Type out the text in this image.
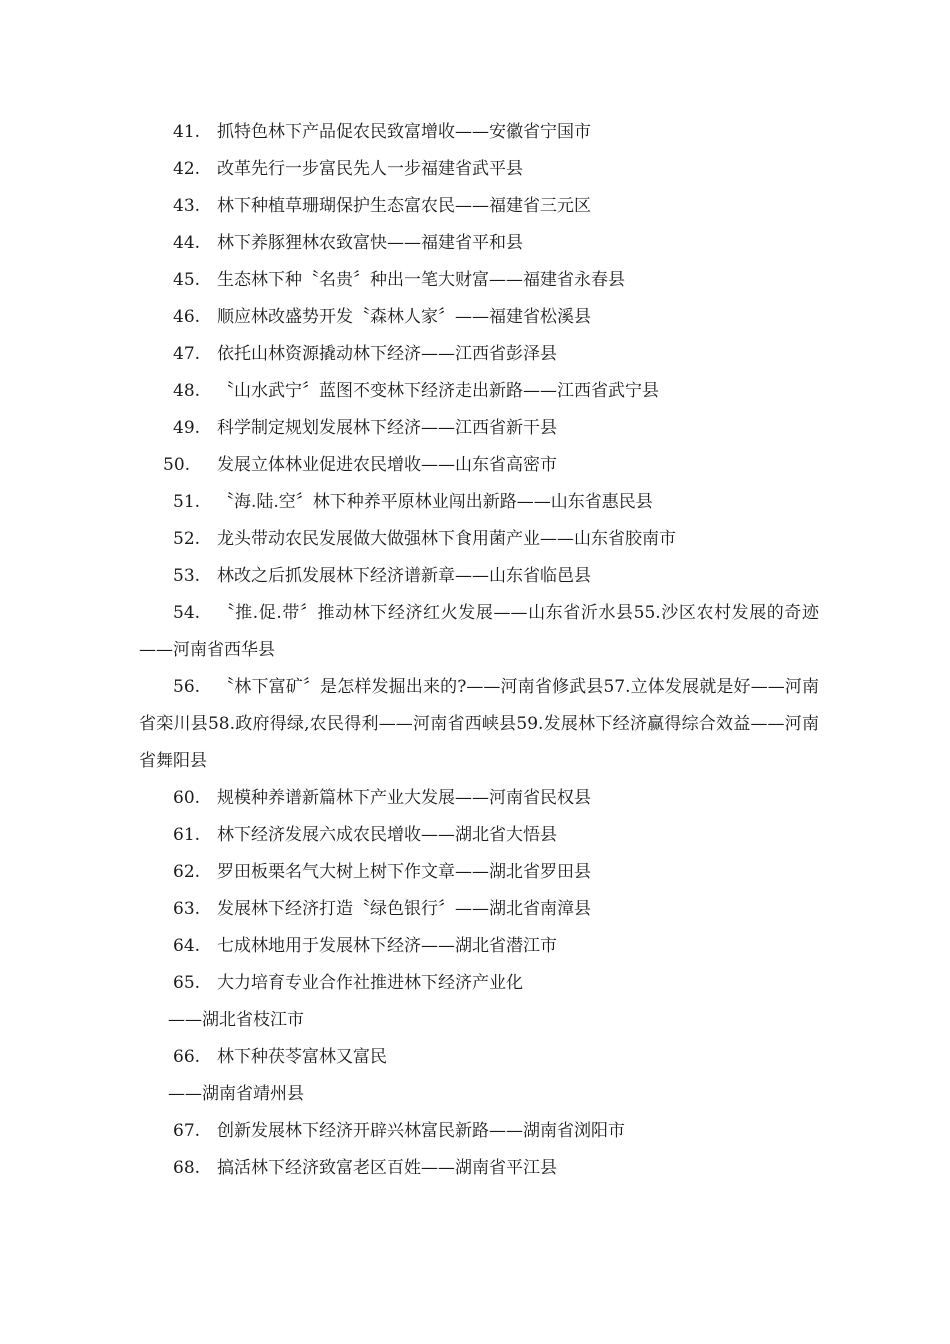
41. 抓特色林下产品促农民致富增收——安徽省宁国市

42. 改革先行一步富民先人一步福建省武平县

43. 林下种植草珊瑚保护生态富农民——福建省三元区

44. 林下养豚狸林农致富快——福建省平和县

45. 生态林下种〝名贵〞种出一笔大财富——福建省永春县

46. 顺应林改盛势开发〝森林人家〞——福建省松溪县

47. 依托山林资源撬动林下经济——江西省彭泽县

48. 〝山水武宁〞蓝图不变林下经济走出新路——江西省武宁县

49. 科学制定规划发展林下经济——江西省新干县

50. 发展立体林业促进农民增收——山东省高密市

51. 〝海.陆.空〞林下种养平原林业闯出新路——山东省惠民县

52. 龙头带动农民发展做大做强林下食用菌产业——山东省胶南市

53. 林改之后抓发展林下经济谱新章——山东省临邑县

54. 〝推.促.带〞推动林下经济红火发展——山东省沂水县55.沙区农村发展的奇迹——河南省西华县

56. 〝林下富矿〞是怎样发掘出来的?——河南省修武县57.立体发展就是好——河南省栾川县58.政府得绿,农民得利——河南省西峡县59.发展林下经济赢得综合效益——河南省舞阳县

60. 规模种养谱新篇林下产业大发展——河南省民权县

61. 林下经济发展六成农民增收——湖北省大悟县

62. 罗田板栗名气大树上树下作文章——湖北省罗田县

63. 发展林下经济打造〝绿色银行〞——湖北省南漳县

64. 七成林地用于发展林下经济——湖北省潜江市

65. 大力培育专业合作社推进林下经济产业化

——湖北省枝江市

66. 林下种茯苓富林又富民

——湖南省靖州县

67. 创新发展林下经济开辟兴林富民新路——湖南省浏阳市

68. 搞活林下经济致富老区百姓——湖南省平江县
